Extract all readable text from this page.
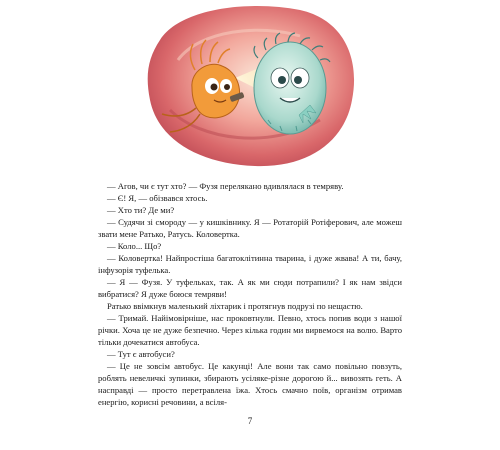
— Агов, чи є тут хто? — Фузя перелякано вдивлялася в темряву.

— Є! Я, — обізвався хтось.

— Хто ти? Де ми?

— Судячи зі смороду — у кишківнику. Я — Ротаторій Ротіферович, але можеш звати мене Ратько, Ратусь. Коловертка.

— Коло... Що?

— Коловертка! Найпростіша багатоклітинна тварина, і дуже жвава! А ти, бачу, інфузорія туфелька.

— Я — Фузя. У туфельках, так. А як ми сюди потрапили? І як нам звідси вибратися? Я дуже боюся темряви!

Ратько ввімкнув маленький ліхтарик і протягнув подрузі по нещастю.

— Тримай. Найімовірніше, нас проковтнули. Певно, хтось попив води з нашої річки. Хоча це не дуже безпечно. Через кілька годин ми вирвемося на волю. Варто тільки дочекатися автобуса.

— Тут є автобуси?

— Це не зовсім автобус. Це какунці! Але вони так само повільно повзуть, роблять невеличкі зупинки, збирають усіляке-різне дорогою й... вивозять геть. А насправді — просто перетравлена їжа. Хтось смачно поїв, організм отримав енергію, корисні речовини, а всіля-

7
